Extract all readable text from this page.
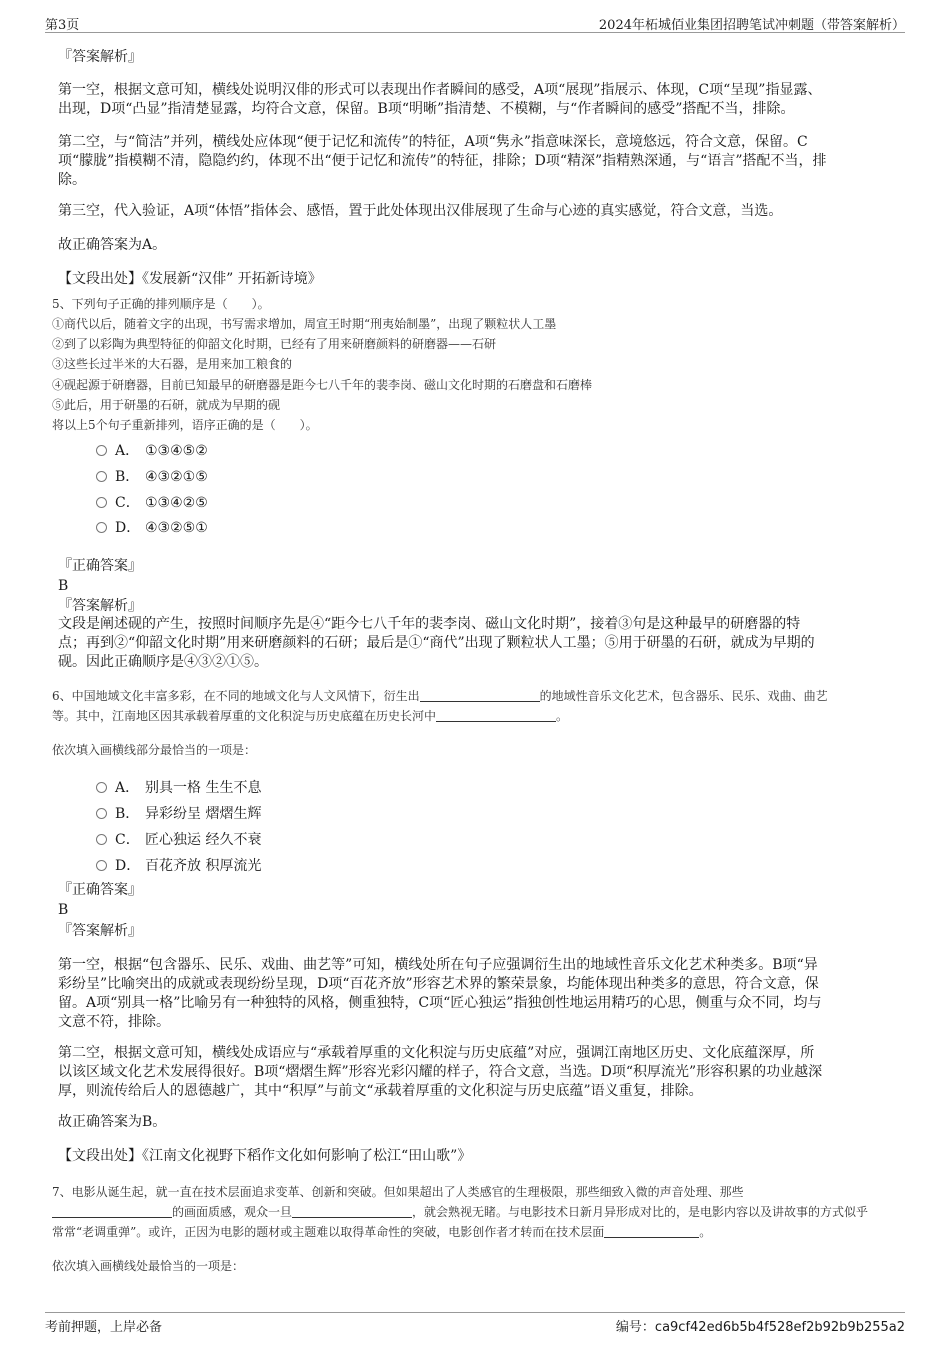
第3页	2024年柘城佰业集团招聘笔试冲刺题（带答案解析）
『答案解析』
第一空，根据文意可知，横线处说明汉俳的形式可以表现出作者瞬间的感受，A项“展现”指展示、体现，C项“呈现”指显露、
出现，D项“凸显”指清楚显露，均符合文意，保留。B项“明晰”指清楚、不模糊，与“作者瞬间的感受”搭配不当，排除。
第二空，与“简洁”并列，横线处应体现“便于记忆和流传”的特征，A项“隽永”指意味深长，意境悠远，符合文意，保留。C
项“朦胧”指模糊不清，隐隐约约，体现不出“便于记忆和流传”的特征，排除；D项“精深”指精熟深通，与“语言”搭配不当，排
除。
第三空，代入验证，A项“体悟”指体会、感悟，置于此处体现出汉俳展现了生命与心迹的真实感觉，符合文意，当选。
故正确答案为A。
【文段出处】《发展新“汉俳” 开拓新诗境》
5、下列句子正确的排列顺序是（　　）。
①商代以后，随着文字的出现，书写需求增加，周宣王时期“刑夷始制墨”，出现了颗粒状人工墨
②到了以彩陶为典型特征的仰韶文化时期，已经有了用来研磨颜料的研磨器——石研
③这些长过半米的大石器，是用来加工粮食的
④砚起源于研磨器，目前已知最早的研磨器是距今七八千年的裴李岗、磁山文化时期的石磨盘和石磨棒
⑤此后，用于研墨的石研，就成为早期的砚
将以上5个句子重新排列，语序正确的是（　　）。
A． ①③④⑤②
B． ④③②①⑤
C． ①③④②⑤
D． ④③②⑤①
『正确答案』
B
『答案解析』
文段是阐述砚的产生，按照时间顺序先是④“距今七八千年的裴李岗、磁山文化时期”，接着③句是这种最早的研磨器的特
点；再到②“仰韶文化时期”用来研磨颜料的石研；最后是①“商代”出现了颗粒状人工墨；⑤用于研墨的石研，就成为早期的
砚。因此正确顺序是④③②①⑤。
6、中国地域文化丰富多彩，在不同的地域文化与人文风情下，衍生出	的地域性音乐文化艺术，包含器乐、民乐、戏曲、曲艺
等。其中，江南地区因其承载着厚重的文化积淀与历史底蕴在历史长河中	。
依次填入画横线部分最恰当的一项是：
A． 别具一格 生生不息
B． 异彩纷呈 熠熠生辉
C． 匠心独运 经久不衰
D． 百花齐放 积厚流光
『正确答案』
B
『答案解析』
第一空，根据“包含器乐、民乐、戏曲、曲艺等”可知，横线处所在句子应强调衍生出的地域性音乐文化艺术种类多。B项“异
彩纷呈”比喻突出的成就或表现纷纷呈现，D项“百花齐放”形容艺术界的繁荣景象，均能体现出种类多的意思，符合文意，保
留。A项“别具一格”比喻另有一种独特的风格，侧重独特，C项“匠心独运”指独创性地运用精巧的心思，侧重与众不同，均与
文意不符，排除。
第二空，根据文意可知，横线处成语应与“承载着厚重的文化积淀与历史底蕴”对应，强调江南地区历史、文化底蕴深厚，所
以该区域文化艺术发展得很好。B项“熠熠生辉”形容光彩闪耀的样子，符合文意，当选。D项“积厚流光”形容积累的功业越深
厚，则流传给后人的恩德越广，其中“积厚”与前文“承载着厚重的文化积淀与历史底蕴”语义重复，排除。
故正确答案为B。
【文段出处】《江南文化视野下稻作文化如何影响了松江“田山歌”》
7、电影从诞生起，就一直在技术层面追求变革、创新和突破。但如果超出了人类感官的生理极限，那些细致入微的声音处理、那些
的画面质感，观众一旦	，就会熟视无睹。与电影技术日新月异形成对比的，是电影内容以及讲故事的方式似乎
常常“老调重弹”。或许，正因为电影的题材或主题难以取得革命性的突破，电影创作者才转而在技术层面	。
依次填入画横线处最恰当的一项是：
考前押题，上岸必备	编号：ca9cf42ed6b5b4f528ef2b92b9b255a2
